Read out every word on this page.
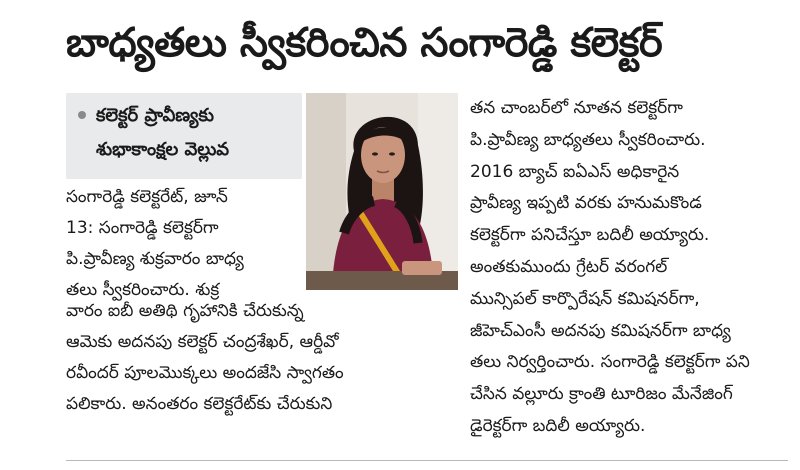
బాధ్యతలు స్వీకరించిన సంగారెడ్డి కలెక్టర్
కలెక్టర్ ప్రావీణ్యకు
శుభాకాంక్షల వెల్లువ
సంగారెడ్డి కలెక్టరేట్, జూన్
13: సంగారెడ్డి కలెక్టర్‌గా
పి.ప్రావీణ్య శుక్రవారం బాధ్య
తలు స్వీకరించారు. శుక్ర
వారం ఐబీ అతిథి గృహానికి చేరుకున్న
ఆమెకు అదనపు కలెక్టర్ చంద్రశేఖర్, ఆర్డీవో
రవీందర్ పూలమొక్కలు అందజేసి స్వాగతం
పలికారు. అనంతరం కలెక్టరేట్‌కు చేరుకుని
తన చాంబర్‌లో నూతన కలెక్టర్‌గా
పి.ప్రావీణ్య బాధ్యతలు స్వీకరించారు.
2016 బ్యాచ్ ఐఏఎస్ అధికారైన
ప్రావీణ్య ఇప్పటి వరకు హనుమకొండ
కలెక్టర్‌గా పనిచేస్తూ బదిలీ అయ్యారు.
అంతకుముందు గ్రేటర్ వరంగల్
మున్సిపల్ కార్పొరేషన్ కమిషనర్‌గా,
జీహెచ్ఎంసీ అదనపు కమిషనర్‌గా బాధ్య
తలు నిర్వర్తించారు. సంగారెడ్డి కలెక్టర్‌గా పని
చేసిన వల్లూరు క్రాంతి టూరిజం మేనేజింగ్
డైరెక్టర్‌గా బదిలీ అయ్యారు.
